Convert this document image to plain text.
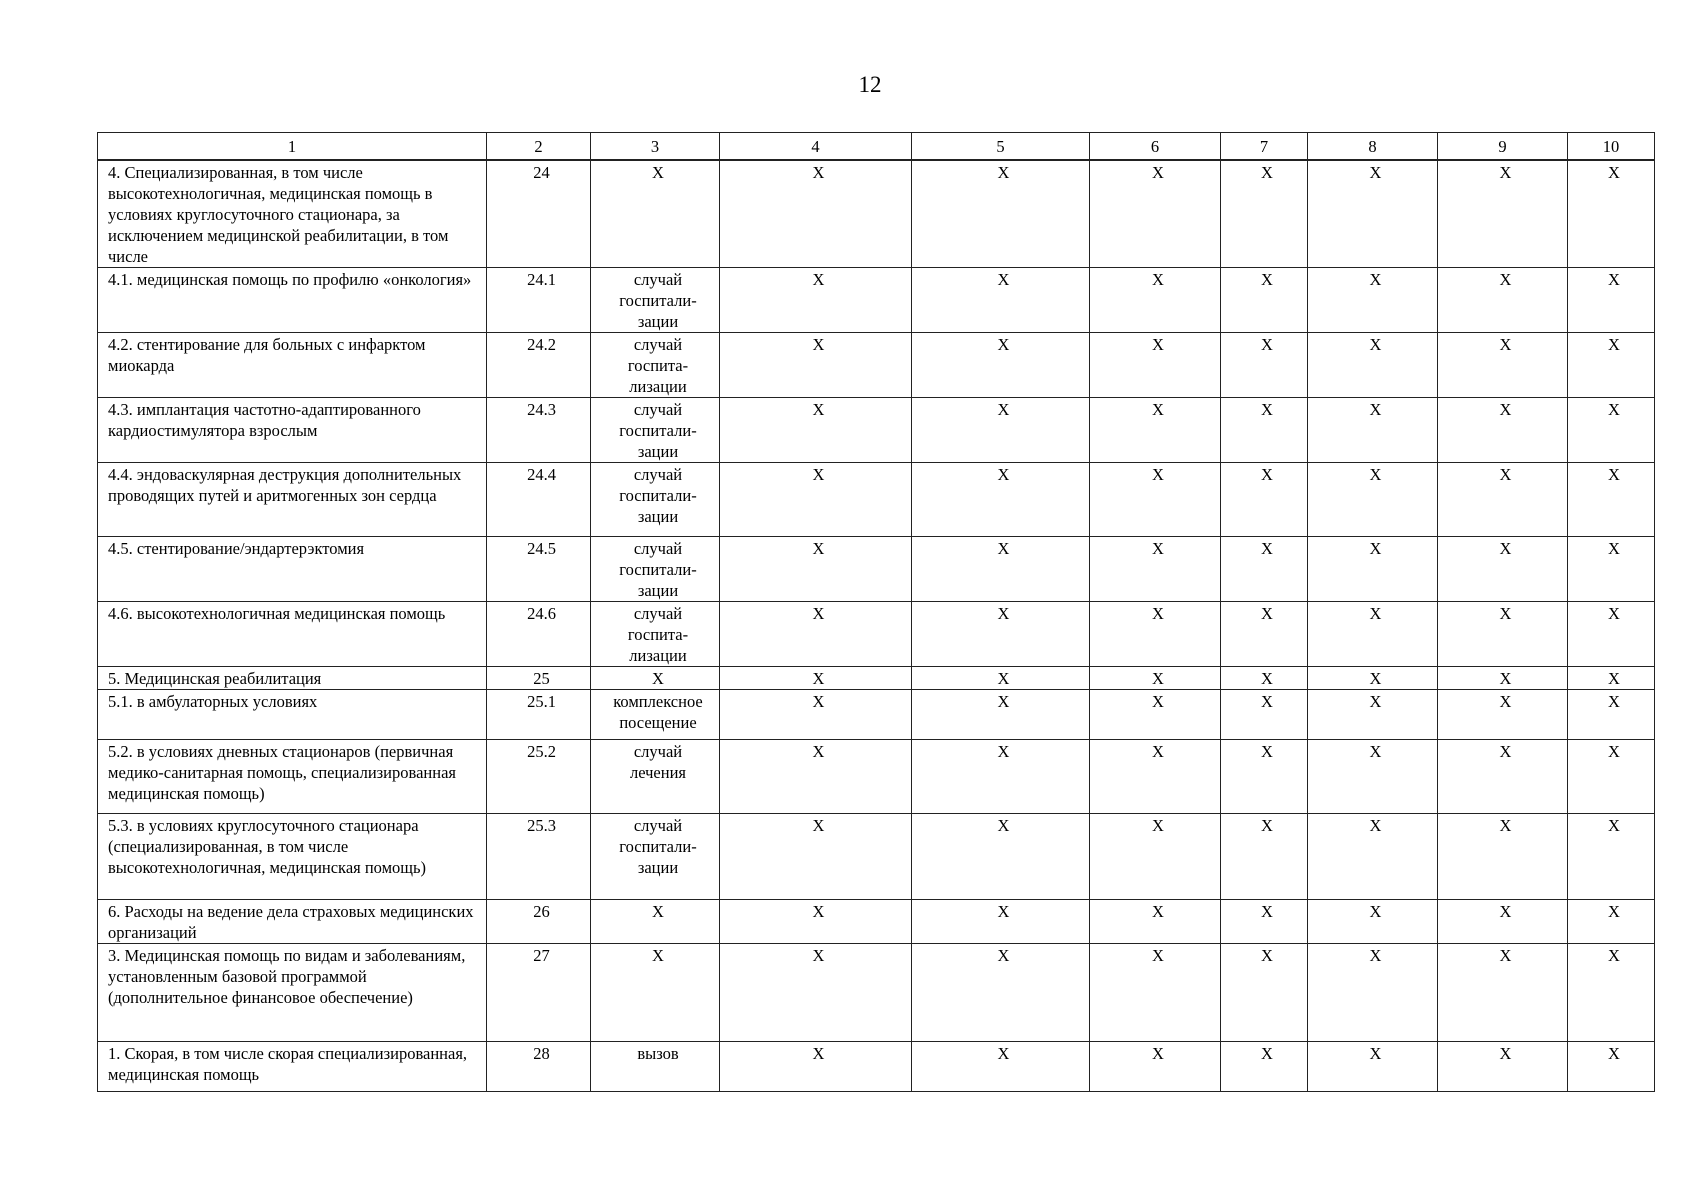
12
1	2	3	4	5	6	7	8	9	10
4. Специализированная, в том числе высокотехнологичная, медицинская помощь в условиях круглосуточного стационара, за исключением медицинской реабилитации, в том числе	24	Х	Х	Х	Х	Х	Х	Х	Х
4.1. медицинская помощь по профилю «онкология»	24.1	случай
госпитали-
зации	Х	Х	Х	Х	Х	Х	Х
4.2. стентирование для больных с инфарктом миокарда	24.2	случай
госпита-
лизации	Х	Х	Х	Х	Х	Х	Х
4.3. имплантация частотно-адаптированного кардиостимулятора взрослым	24.3	случай
госпитали-
зации	Х	Х	Х	Х	Х	Х	Х
4.4. эндоваскулярная деструкция дополнительных проводящих путей и аритмогенных зон сердца	24.4	случай
госпитали-
зации	Х	Х	Х	Х	Х	Х	Х
4.5. стентирование/эндартерэктомия	24.5	случай
госпитали-
зации	Х	Х	Х	Х	Х	Х	Х
4.6. высокотехнологичная медицинская помощь	24.6	случай
госпита-
лизации	Х	Х	Х	Х	Х	Х	Х
5. Медицинская реабилитация	25	Х	Х	Х	Х	Х	Х	Х	Х
5.1. в амбулаторных условиях	25.1	комплексное
посещение	Х	Х	Х	Х	Х	Х	Х
5.2. в условиях дневных стационаров (первичная медико-санитарная помощь, специализированная медицинская помощь)	25.2	случай
лечения	Х	Х	Х	Х	Х	Х	Х
5.3. в условиях круглосуточного стационара (специализированная, в том числе высокотехнологичная, медицинская помощь)	25.3	случай
госпитали-
зации	Х	Х	Х	Х	Х	Х	Х
6. Расходы на ведение дела страховых медицинских организаций	26	Х	Х	Х	Х	Х	Х	Х	Х
3. Медицинская помощь по видам и заболеваниям, установленным базовой программой (дополнительное финансовое обеспечение)	27	Х	Х	Х	Х	Х	Х	Х	Х
1. Скорая, в том числе скорая специализированная, медицинская помощь	28	вызов	Х	Х	Х	Х	Х	Х	Х
